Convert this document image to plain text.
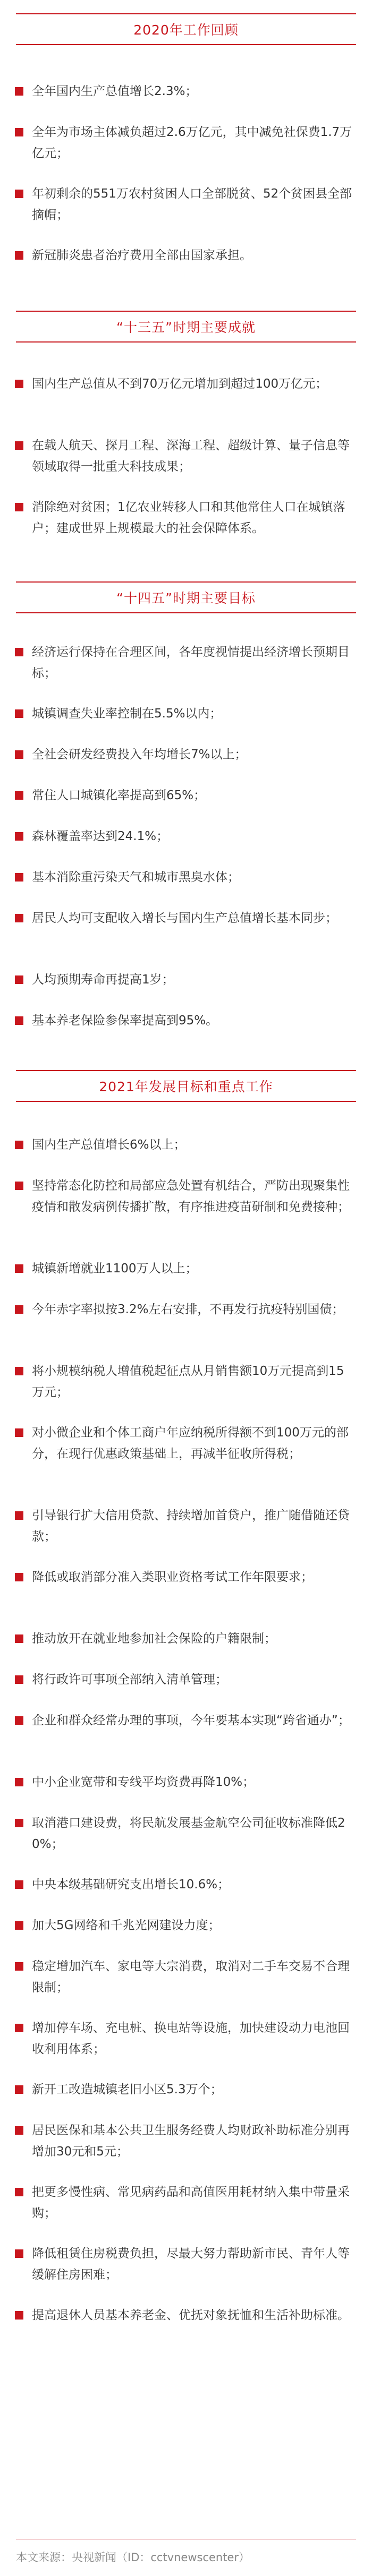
2020年工作回顾
全年国内生产总值增长2.3%；
全年为市场主体减负超过2.6万亿元，其中减免社保费1.7万亿元；
年初剩余的551万农村贫困人口全部脱贫、52个贫困县全部摘帽；
新冠肺炎患者治疗费用全部由国家承担。
“十三五”时期主要成就
国内生产总值从不到70万亿元增加到超过100万亿元；
在载人航天、探月工程、深海工程、超级计算、量子信息等领域取得一批重大科技成果；
消除绝对贫困；1亿农业转移人口和其他常住人口在城镇落户；建成世界上规模最大的社会保障体系。
“十四五”时期主要目标
经济运行保持在合理区间，各年度视情提出经济增长预期目标；
城镇调查失业率控制在5.5%以内；
全社会研发经费投入年均增长7%以上；
常住人口城镇化率提高到65%；
森林覆盖率达到24.1%；
基本消除重污染天气和城市黑臭水体；
居民人均可支配收入增长与国内生产总值增长基本同步；
人均预期寿命再提高1岁；
基本养老保险参保率提高到95%。
2021年发展目标和重点工作
国内生产总值增长6%以上；
坚持常态化防控和局部应急处置有机结合，严防出现聚集性疫情和散发病例传播扩散，有序推进疫苗研制和免费接种；
城镇新增就业1100万人以上；
今年赤字率拟按3.2%左右安排，不再发行抗疫特别国债；
将小规模纳税人增值税起征点从月销售额10万元提高到15万元；
对小微企业和个体工商户年应纳税所得额不到100万元的部分，在现行优惠政策基础上，再减半征收所得税；
引导银行扩大信用贷款、持续增加首贷户，推广随借随还贷款；
降低或取消部分准入类职业资格考试工作年限要求；
推动放开在就业地参加社会保险的户籍限制；
将行政许可事项全部纳入清单管理；
企业和群众经常办理的事项，今年要基本实现“跨省通办”；
中小企业宽带和专线平均资费再降10%；
取消港口建设费，将民航发展基金航空公司征收标准降低20%；
中央本级基础研究支出增长10.6%；
加大5G网络和千兆光网建设力度；
稳定增加汽车、家电等大宗消费，取消对二手车交易不合理限制；
增加停车场、充电桩、换电站等设施，加快建设动力电池回收利用体系；
新开工改造城镇老旧小区5.3万个；
居民医保和基本公共卫生服务经费人均财政补助标准分别再增加30元和5元；
把更多慢性病、常见病药品和高值医用耗材纳入集中带量采购；
降低租赁住房税费负担，尽最大努力帮助新市民、青年人等缓解住房困难；
提高退休人员基本养老金、优抚对象抚恤和生活补助标准。
本文来源：央视新闻（ID：cctvnewscenter）
